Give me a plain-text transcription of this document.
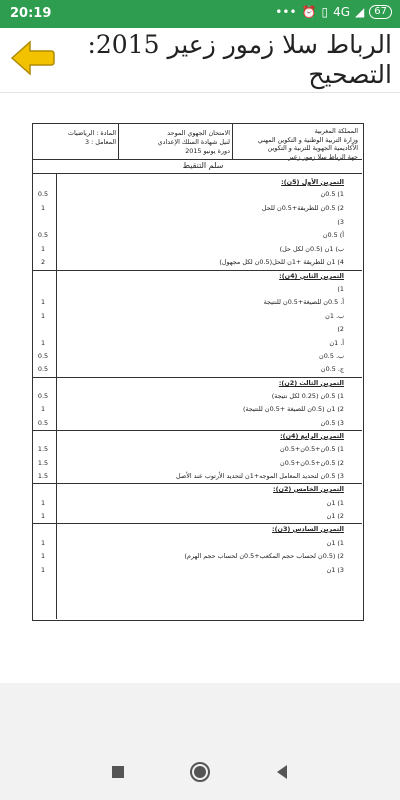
20:19	••• ⏰ ▯ 4G ◢	67
الرباط سلا زمور زعير 2015: التصحيح
المادة : الرياضيات
المعامل : 3
الامتحان الجهوي الموحد
لنيل شهادة السلك الإعدادي
دورة يونيو 2015
المملكة المغربية
وزارة التربية الوطنية و التكوين المهني
الأكاديمية الجهوية للتربية و التكوين
جهة الرباط سلا زمور زعير
سلم التنقيط
التمرين الأول (5ن):
1) 0.5ن
0.5
2) 0.5ن للطريقة+0.5ن للحل
1
3)
أ) 0.5ن
0.5
ب) 1ن (0.5ن لكل حل)
1
4) 1ن للطريقة +1ن للحل(0.5ن لكل مجهول)
2
التمرين الثاني (4ن):
1)
أ. 0.5ن للصيغة+0.5ن للنتيجة
1
ب. 1ن
1
2)
أ. 1ن
1
ب. 0.5ن
0.5
ج. 0.5ن
0.5
التمرين الثالث (2ن):
1) 0.5ن (0.25 لكل نتيجة)
0.5
2) 1ن (0.5ن للصيغة +0.5ن للنتيجة)
1
3) 0.5ن
0.5
التمرين الرابع (4ن):
1) 0.5ن+0.5ن+0.5ن
1.5
2) 0.5ن+0.5ن+0.5ن
1.5
3) 0.5ن لتحديد المعامل الموجه+1ن لتحديد الأرتوب عند الأصل
1.5
التمرين الخامس (2ن):
1) 1ن
1
2) 1ن
1
التمرين السادس (3ن):
1) 1ن
1
2) (0.5ن لحساب حجم المكعب+0.5ن لحساب حجم الهرم)
1
3) 1ن
1
